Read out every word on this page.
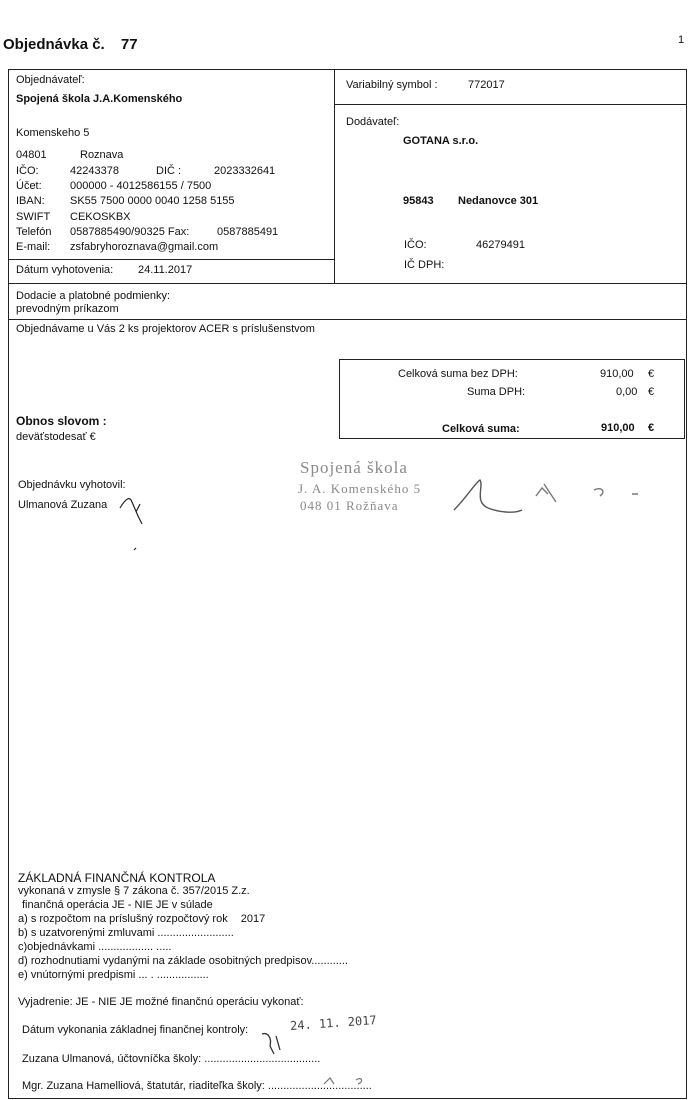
1
Objednávka č. 77
Objednávateľ:
Spojená škola J.A.Komenského
Komenskeho 5
04801	Roznava
IČO:	42243378	DIČ :	2023332641
Účet:	000000 - 4012586155 / 7500
IBAN: SK55 7500 0000 0040 1258 5155
SWIFT CEKOSKBX
Telefón 0587885490/90325 Fax:	0587885491
E-mail: zsfabryhoroznava@gmail.com
Dátum vyhotovenia: 24.11.2017
Variabilný symbol :	772017
Dodávateľ:
GOTANA s.r.o.
95843 Nedanovce 301
IČO:	46279491
IČ DPH:
Dodacie a platobné podmienky:
prevodným príkazom
Objednávame u Vás 2 ks projektorov ACER s príslušenstvom
Celková suma bez DPH:	910,00 €
Suma DPH:	0,00 €
Celková suma:	910,00 €
Obnos slovom :
deväťstodesať €
Objednávku vyhotovil:
Ulmanová Zuzana
Spojená škola
J. A. Komenského 5
048 01 Rožňava
ZÁKLADNÁ FINANČNÁ KONTROLA
vykonaná v zmysle § 7 zákona č. 357/2015 Z.z.
finančná operácia JE - NIE JE v súlade
a) s rozpočtom na príslušný rozpočtový rok 2017
b) s uzatvorenými zmluvami .........................
c)objednávkami .................. .....
d) rozhodnutiami vydanými na základe osobitných predpisov............
e) vnútornými predpismi ... . .................
Vyjadrenie: JE - NIE JE možné finančnú operáciu vykonať:
Dátum vykonania základnej finančnej kontroly:	24. 11. 2017
Zuzana Ulmanová, účtovníčka školy: ......................................
Mgr. Zuzana Hamelliová, štatutár, riaditeľka školy: ..................................
